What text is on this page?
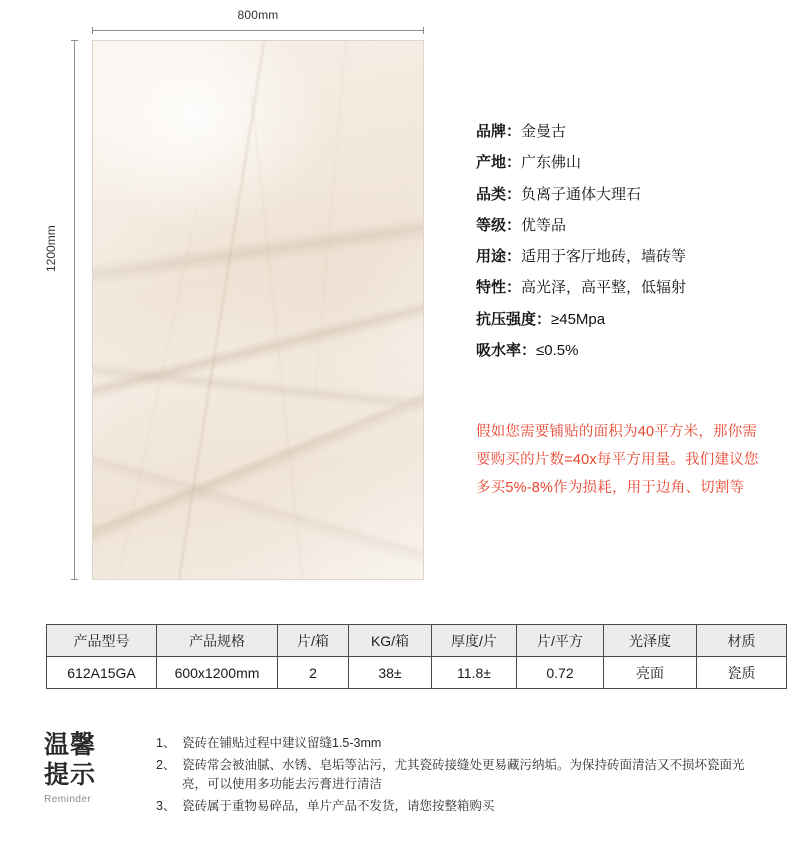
800mm
1200mm
品牌： 金曼古
产地： 广东佛山
品类： 负离子通体大理石
等级： 优等品
用途： 适用于客厅地砖，墙砖等
特性： 高光泽，高平整，低辐射
抗压强度： ≥45Mpa
吸水率： ≤0.5%
假如您需要铺贴的面积为40平方米，那你需要购买的片数=40x每平方用量。我们建议您多买5%-8%作为损耗，用于边角、切割等
产品型号	产品规格	片/箱	KG/箱	厚度/片	片/平方	光泽度	材质
612A15GA	600x1200mm	2	38±	11.8±	0.72	亮面	瓷质
温馨
提示
Reminder
1、 瓷砖在铺贴过程中建议留缝1.5-3mm
2、 瓷砖常会被油腻、水锈、皂垢等沾污，尤其瓷砖接缝处更易藏污纳垢。为保持砖面清洁又不损坏瓷面光亮，可以使用多功能去污膏进行清洁
3、 瓷砖属于重物易碎品，单片产品不发货，请您按整箱购买
